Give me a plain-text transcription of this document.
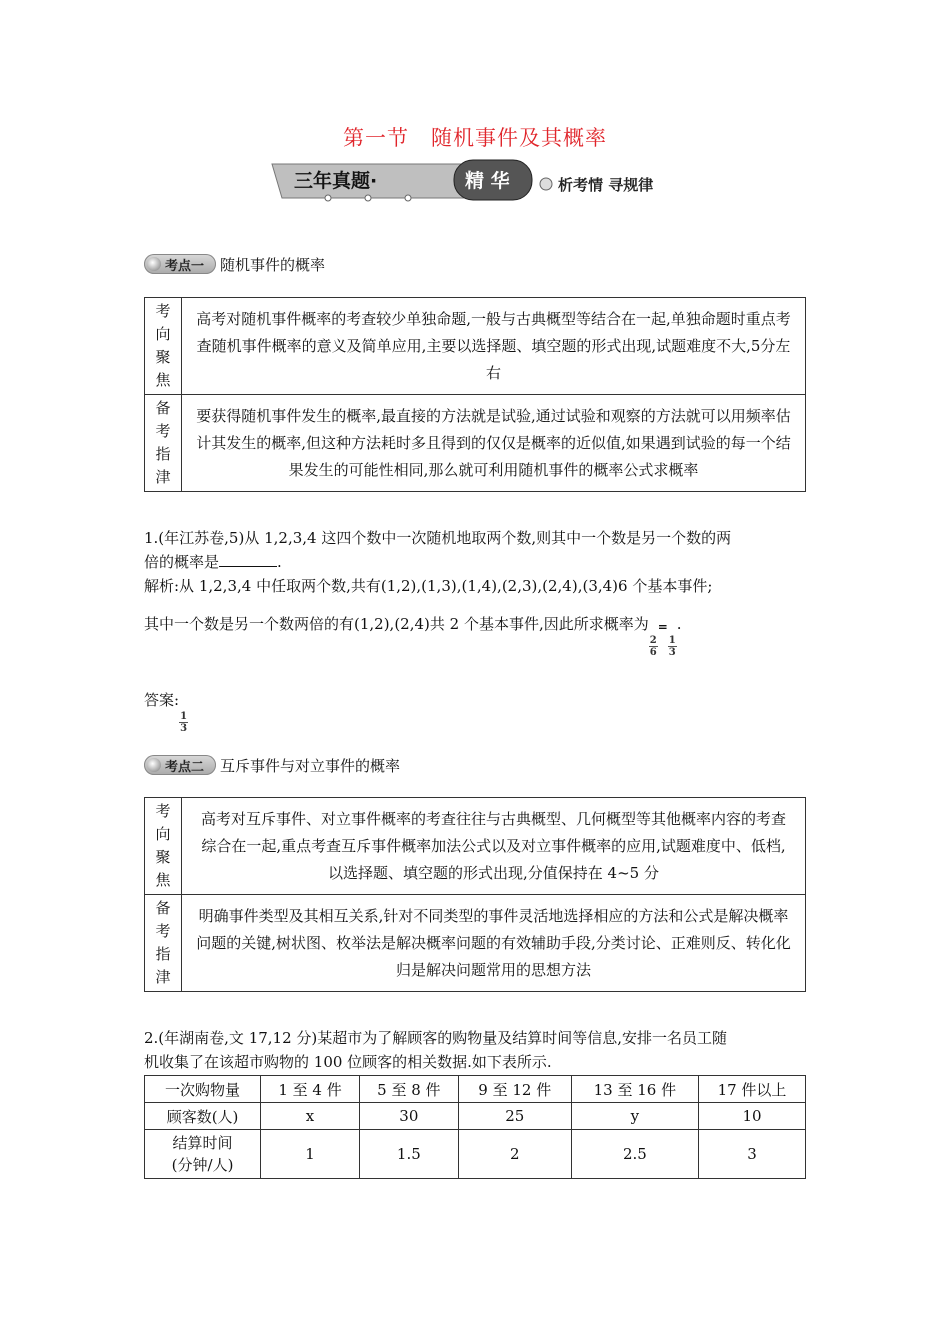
第一节　随机事件及其概率
三年真题·	精 华	析考情 寻规律
考点一 随机事件的概率
考
向
聚
焦	高考对随机事件概率的考查较少单独命题,一般与古典概型等结合在一起,单独命题时重点考查随机事件概率的意义及简单应用,主要以选择题、填空题的形式出现,试题难度不大,5分左右

备
考
指
津	要获得随机事件发生的概率,最直接的方法就是试验,通过试验和观察的方法就可以用频率估计其发生的概率,但这种方法耗时多且得到的仅仅是概率的近似值,如果遇到试验的每一个结果发生的可能性相同,那么就可利用随机事件的概率公式求概率
1.(年江苏卷,5)从 1,2,3,4 这四个数中一次随机地取两个数,则其中一个数是另一个数的两
倍的概率是	.
解析:从 1,2,3,4 中任取两个数,共有(1,2),(1,3),(1,4),(2,3),(2,4),(3,4)6 个基本事件;
其中一个数是另一个数两倍的有(1,2),(2,4)共 2 个基本事件,因此所求概率为
$\frac{2}{6}$
=
$\frac{1}{3}$
.
答案:
$\frac{1}{3}$
考点二 互斥事件与对立事件的概率
考
向
聚
焦	高考对互斥事件、对立事件概率的考查往往与古典概型、几何概型等其他概率内容的考查综合在一起,重点考查互斥事件概率加法公式以及对立事件概率的应用,试题难度中、低档,以选择题、填空题的形式出现,分值保持在 4~5 分

备
考
指
津	明确事件类型及其相互关系,针对不同类型的事件灵活地选择相应的方法和公式是解决概率问题的关键,树状图、枚举法是解决概率问题的有效辅助手段,分类讨论、正难则反、转化化归是解决问题常用的思想方法
2.(年湖南卷,文 17,12 分)某超市为了解顾客的购物量及结算时间等信息,安排一名员工随
机收集了在该超市购物的 100 位顾客的相关数据.如下表所示.
一次购物量	1 至 4 件	5 至 8 件	9 至 12 件	13 至 16 件	17 件以上
顾客数(人)	x	30	25	y	10

结算时间
(分钟/人)	1	1.5	2	2.5	3
